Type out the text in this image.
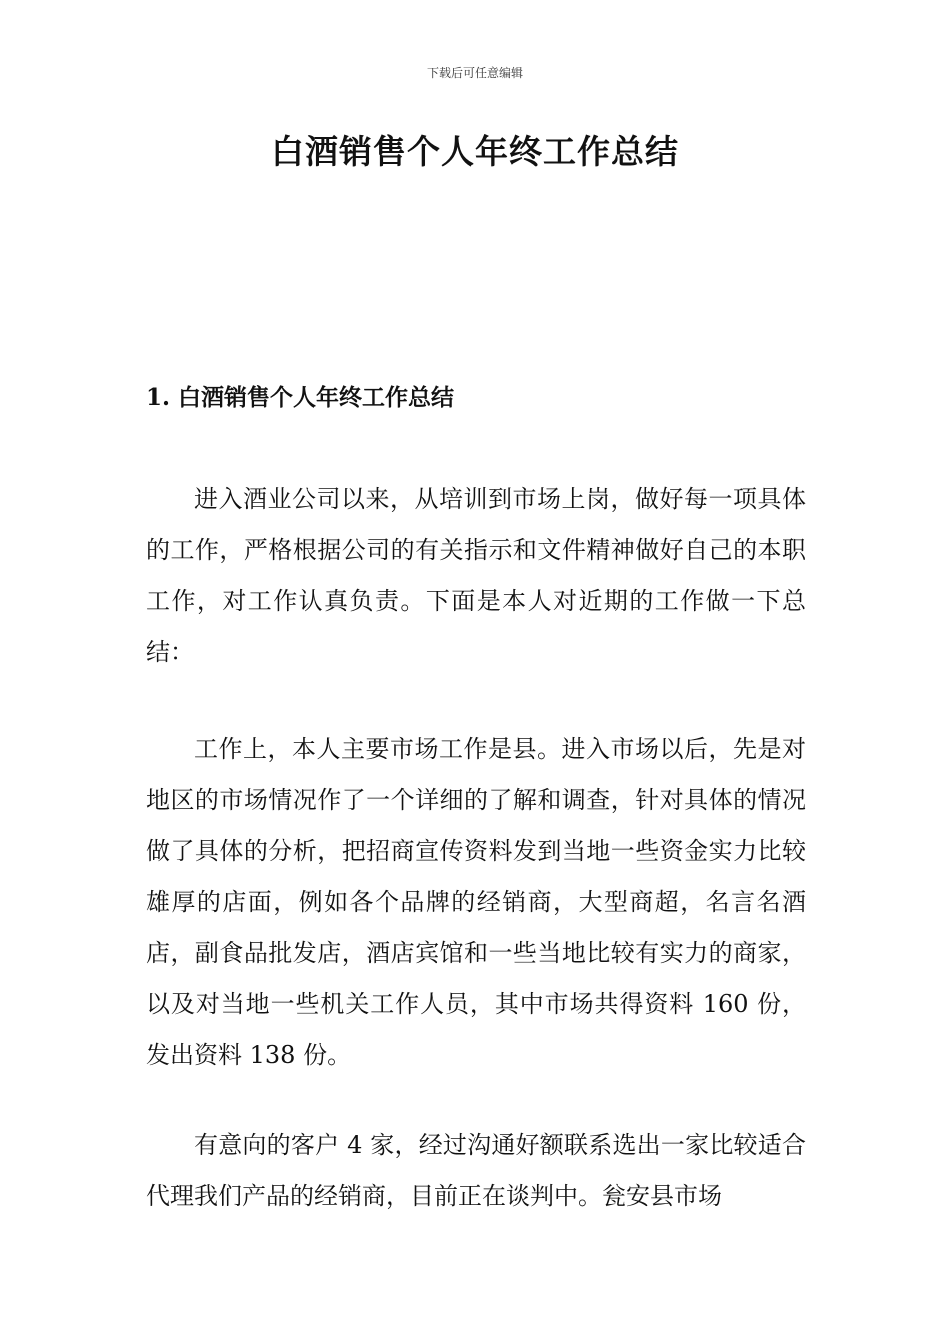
下载后可任意编辑
白酒销售个人年终工作总结
1. 白酒销售个人年终工作总结

进入酒业公司以来，从培训到市场上岗，做好每一项具体的工作，严格根据公司的有关指示和文件精神做好自己的本职工作，对工作认真负责。下面是本人对近期的工作做一下总结：

工作上，本人主要市场工作是县。进入市场以后，先是对地区的市场情况作了一个详细的了解和调查，针对具体的情况做了具体的分析，把招商宣传资料发到当地一些资金实力比较雄厚的店面，例如各个品牌的经销商，大型商超，名言名酒店，副食品批发店，酒店宾馆和一些当地比较有实力的商家，以及对当地一些机关工作人员，其中市场共得资料 160 份，发出资料 138 份。

有意向的客户 4 家，经过沟通好额联系选出一家比较适合代理我们产品的经销商，目前正在谈判中。瓮安县市场
